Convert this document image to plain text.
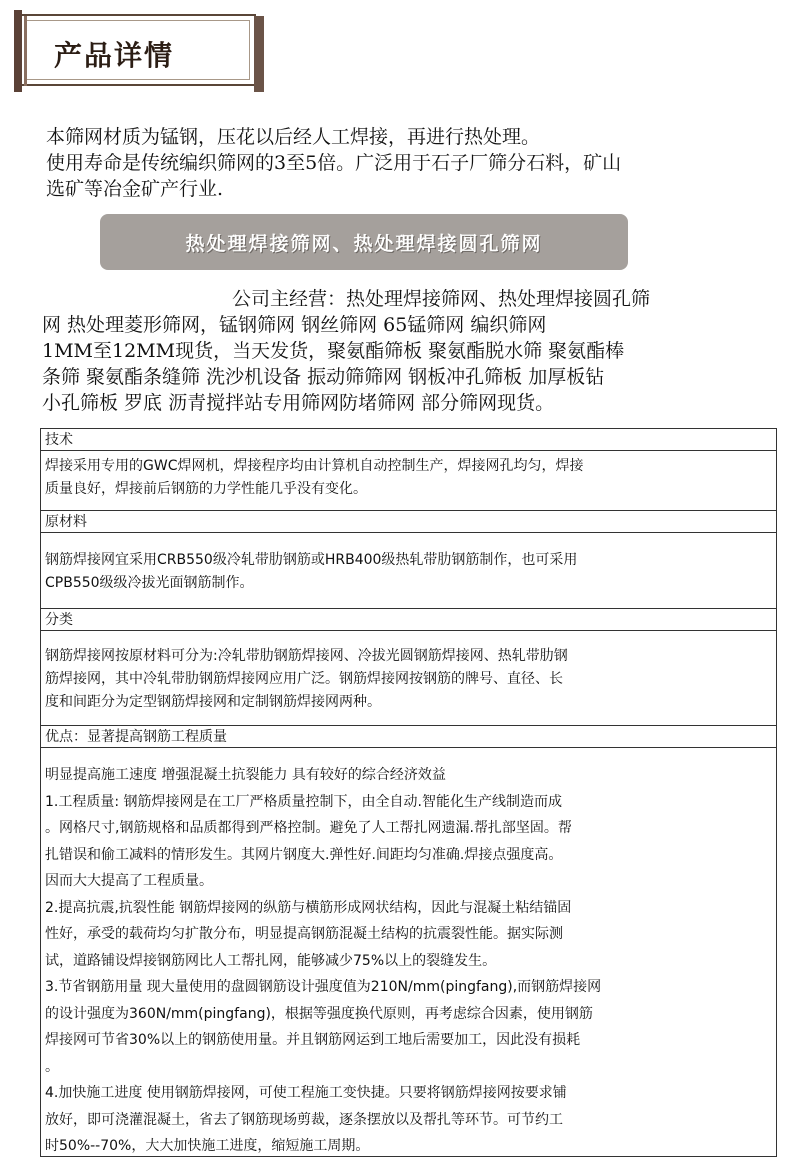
产品详情

本筛网材质为锰钢，压花以后经人工焊接，再进行热处理。

使用寿命是传统编织筛网的3至5倍。广泛用于石子厂筛分石料，矿山

选矿等冶金矿产行业.

热处理焊接筛网、热处理焊接圆孔筛网

公司主经营：热处理焊接筛网、热处理焊接圆孔筛

网 热处理菱形筛网，锰钢筛网 钢丝筛网 65锰筛网 编织筛网

1MM至12MM现货，当天发货，聚氨酯筛板 聚氨酯脱水筛 聚氨酯棒

条筛 聚氨酯条缝筛 洗沙机设备 振动筛筛网 钢板冲孔筛板 加厚板钻

小孔筛板 罗底 沥青搅拌站专用筛网防堵筛网 部分筛网现货。

技术

焊接采用专用的GWC焊网机，焊接程序均由计算机自动控制生产，焊接网孔均匀，焊接

质量良好，焊接前后钢筋的力学性能几乎没有变化。

原材料

钢筋焊接网宜采用CRB550级冷轧带肋钢筋或HRB400级热轧带肋钢筋制作，也可采用

CPB550级级冷拔光面钢筋制作。

分类

钢筋焊接网按原材料可分为:冷轧带肋钢筋焊接网、冷拔光圆钢筋焊接网、热轧带肋钢

筋焊接网，其中冷轧带肋钢筋焊接网应用广泛。钢筋焊接网按钢筋的牌号、直径、长

度和间距分为定型钢筋焊接网和定制钢筋焊接网两种。

优点：显著提高钢筋工程质量

明显提高施工速度 增强混凝土抗裂能力 具有较好的综合经济效益

1.工程质量: 钢筋焊接网是在工厂严格质量控制下，由全自动.智能化生产线制造而成

。网格尺寸,钢筋规格和品质都得到严格控制。避免了人工帮扎网遗漏.帮扎部坚固。帮

扎错误和偷工减料的情形发生。其网片钢度大.弹性好.间距均匀准确.焊接点强度高。

因而大大提高了工程质量。

2.提高抗震,抗裂性能 钢筋焊接网的纵筋与横筋形成网状结构，因此与混凝土粘结锚固

性好，承受的载荷均匀扩散分布，明显提高钢筋混凝土结构的抗震裂性能。据实际测

试，道路铺设焊接钢筋网比人工帮扎网，能够减少75%以上的裂缝发生。

3.节省钢筋用量 现大量使用的盘圆钢筋设计强度值为210N/mm(pingfang),而钢筋焊接网

的设计强度为360N/mm(pingfang)，根据等强度换代原则，再考虑综合因素，使用钢筋

焊接网可节省30%以上的钢筋使用量。并且钢筋网运到工地后需要加工，因此没有损耗

。

4.加快施工进度 使用钢筋焊接网，可使工程施工变快捷。只要将钢筋焊接网按要求铺

放好，即可浇灌混凝土，省去了钢筋现场剪裁，逐条摆放以及帮扎等环节。可节约工

时50%--70%，大大加快施工进度，缩短施工周期。
